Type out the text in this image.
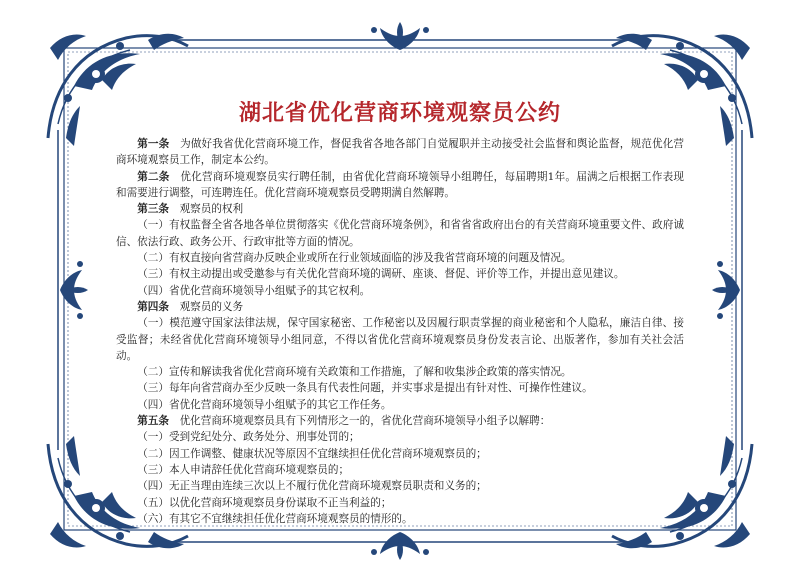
湖北省优化营商环境观察员公约

第一条　 为做好我省优化营商环境工作，督促我省各地各部门自觉履职并主动接受社会监督和舆论监督，规范优化营商环境观察员工作，制定本公约。

第二条　 优化营商环境观察员实行聘任制，由省优化营商环境领导小组聘任，每届聘期1年。届满之后根据工作表现和需要进行调整，可连聘连任。优化营商环境观察员受聘期满自然解聘。

第三条　 观察员的权利

（一）有权监督全省各地各单位贯彻落实《优化营商环境条例》，和省省省政府出台的有关营商环境重要文件、政府诚信、依法行政、政务公开、行政审批等方面的情况。

（二）有权直接向省营商办反映企业或所在行业领域面临的涉及我省营商环境的问题及情况。

（三）有权主动提出或受邀参与有关优化营商环境的调研、座谈、督促、评价等工作，并提出意见建议。

（四）省优化营商环境领导小组赋予的其它权利。

第四条　 观察员的义务

（一）模范遵守国家法律法规，保守国家秘密、工作秘密以及因履行职责掌握的商业秘密和个人隐私，廉洁自律、接受监督；未经省优化营商环境领导小组同意，不得以省优化营商环境观察员身份发表言论、出版著作，参加有关社会活动。

（二）宣传和解读我省优化营商环境有关政策和工作措施，了解和收集涉企政策的落实情况。

（三）每年向省营商办至少反映一条具有代表性问题，并实事求是提出有针对性、可操作性建议。

（四）省优化营商环境领导小组赋予的其它工作任务。

第五条　 优化营商环境观察员具有下列情形之一的，省优化营商环境领导小组予以解聘：

（一）受到党纪处分、政务处分、刑事处罚的；

（二）因工作调整、健康状况等原因不宜继续担任优化营商环境观察员的；

（三）本人申请辞任优化营商环境观察员的；

（四）无正当理由连续三次以上不履行优化营商环境观察员职责和义务的；

（五）以优化营商环境观察员身份谋取不正当利益的；

（六）有其它不宜继续担任优化营商环境观察员的情形的。
